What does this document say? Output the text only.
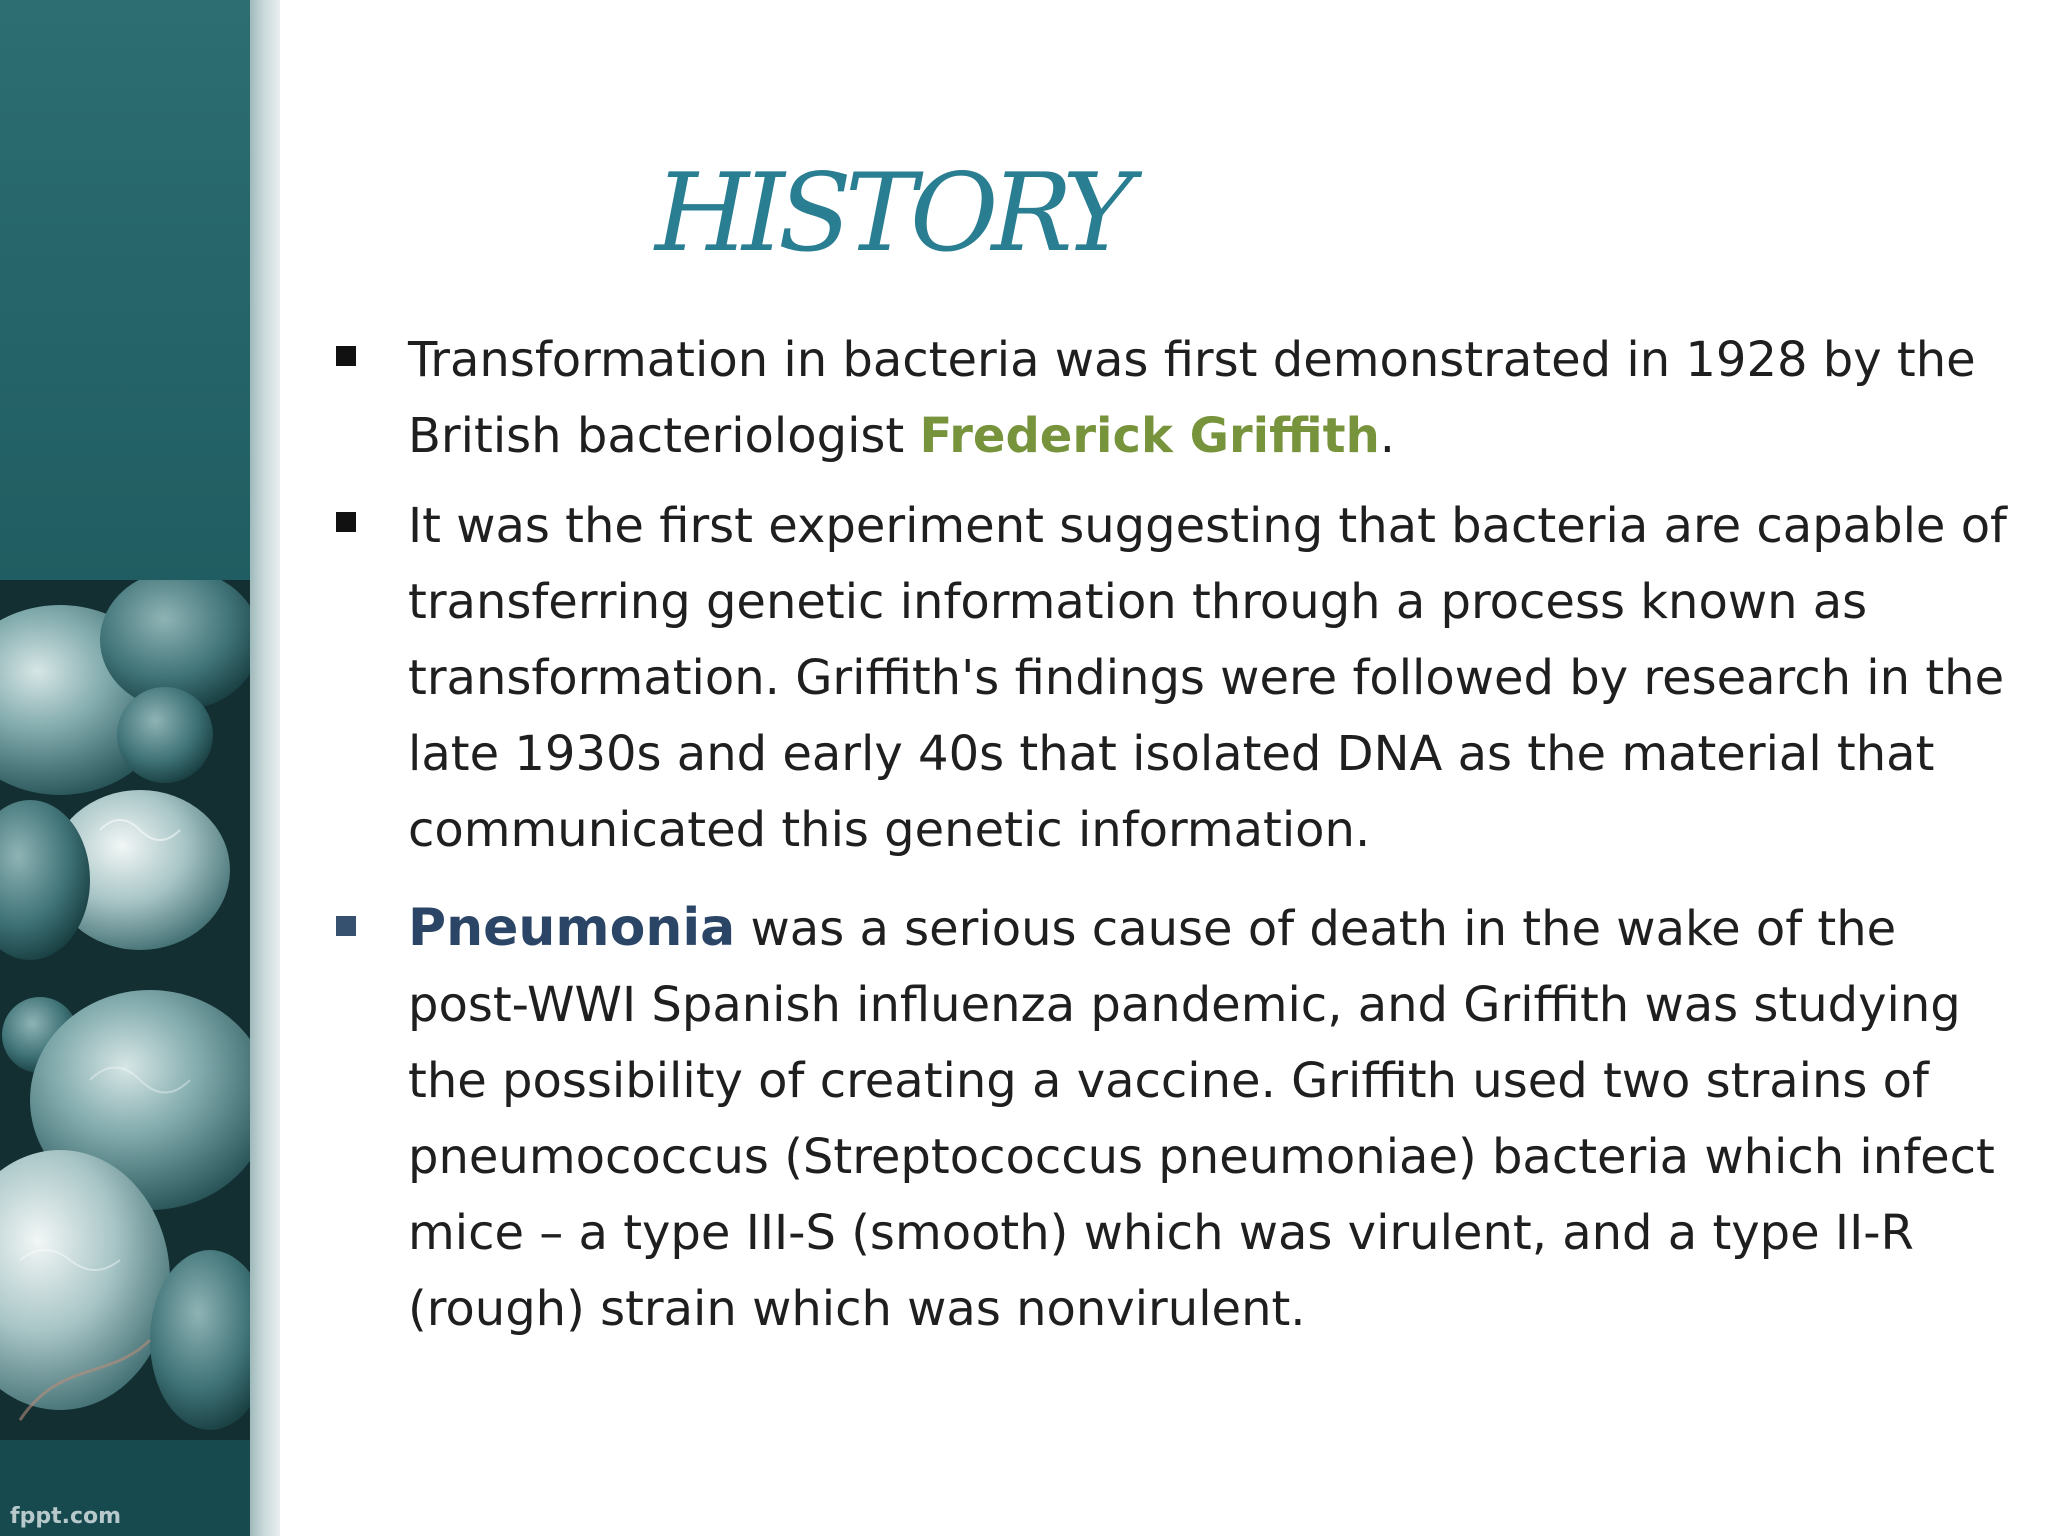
fppt.com
HISTORY
Transformation in bacteria was first demonstrated in 1928 by the British bacteriologist Frederick Griffith.
It was the first experiment suggesting that bacteria are capable of transferring genetic information through a process known as transformation. Griffith's findings were followed by research in the late 1930s and early 40s that isolated DNA as the material that communicated this genetic information.
Pneumonia was a serious cause of death in the wake of the post-WWI Spanish influenza pandemic, and Griffith was studying the possibility of creating a vaccine. Griffith used two strains of pneumococcus (Streptococcus pneumoniae) bacteria which infect mice – a type III-S (smooth) which was virulent, and a type II-R (rough) strain which was nonvirulent.
